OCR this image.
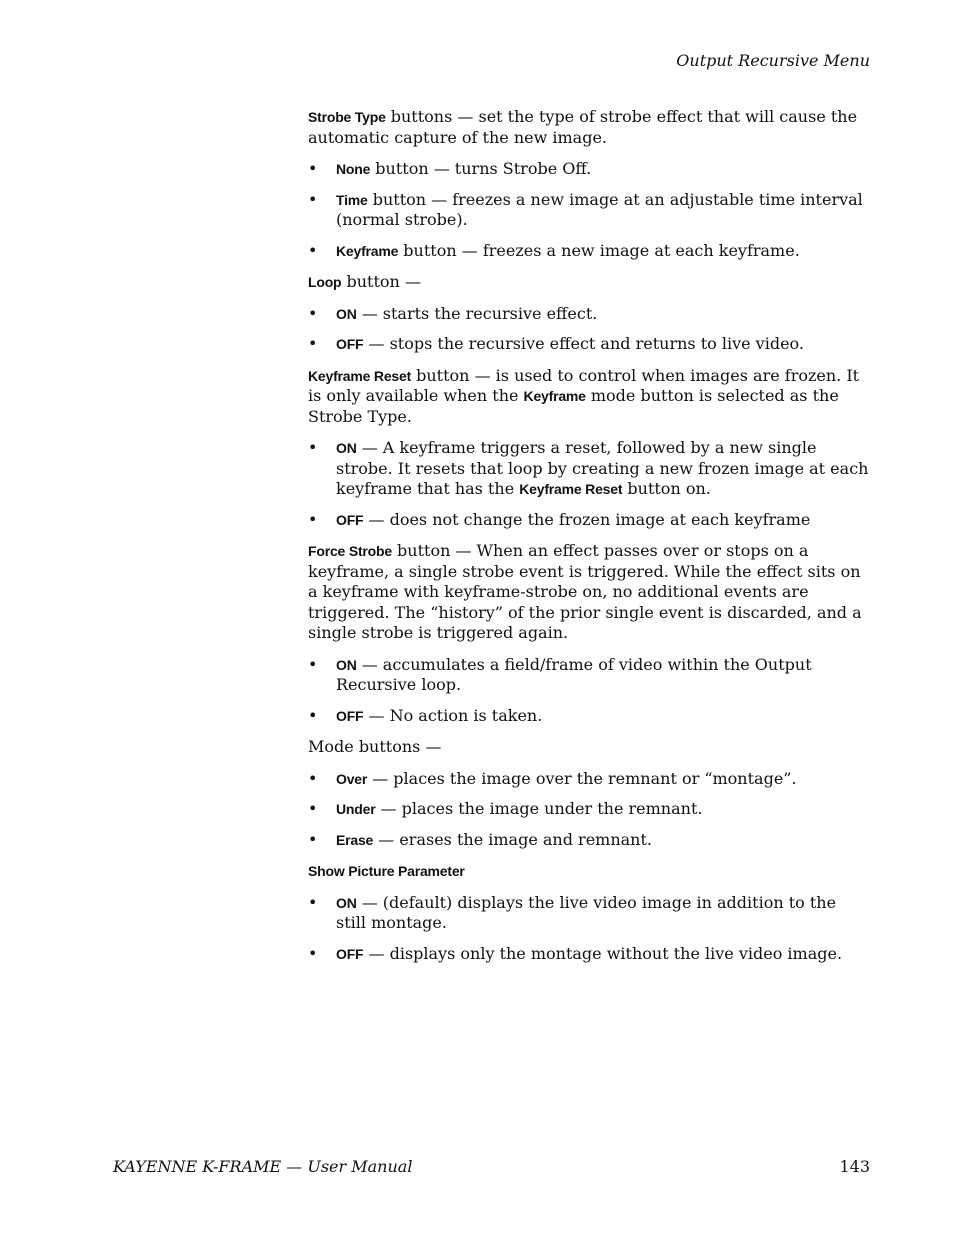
Output Recursive Menu

Strobe Type buttons — set the type of strobe effect that will cause the automatic capture of the new image.

•	None button — turns Strobe Off.
•	Time button — freezes a new image at an adjustable time interval (normal strobe).
•	Keyframe button — freezes a new image at each keyframe.

Loop button —

•	ON — starts the recursive effect.
•	OFF — stops the recursive effect and returns to live video.

Keyframe Reset button — is used to control when images are frozen. It is only available when the Keyframe mode button is selected as the Strobe Type.

•	ON — A keyframe triggers a reset, followed by a new single strobe. It resets that loop by creating a new frozen image at each keyframe that has the Keyframe Reset button on.
•	OFF — does not change the frozen image at each keyframe

Force Strobe button — When an effect passes over or stops on a keyframe, a single strobe event is triggered. While the effect sits on a keyframe with keyframe-strobe on, no additional events are triggered. The “history” of the prior single event is discarded, and a single strobe is triggered again.

•	ON — accumulates a field/frame of video within the Output Recursive loop.
•	OFF — No action is taken.

Mode buttons —

•	Over — places the image over the remnant or “montage”.
•	Under — places the image under the remnant.
•	Erase — erases the image and remnant.

Show Picture Parameter

•	ON — (default) displays the live video image in addition to the still montage.
•	OFF — displays only the montage without the live video image.
KAYENNE K-FRAME — User Manual	143
